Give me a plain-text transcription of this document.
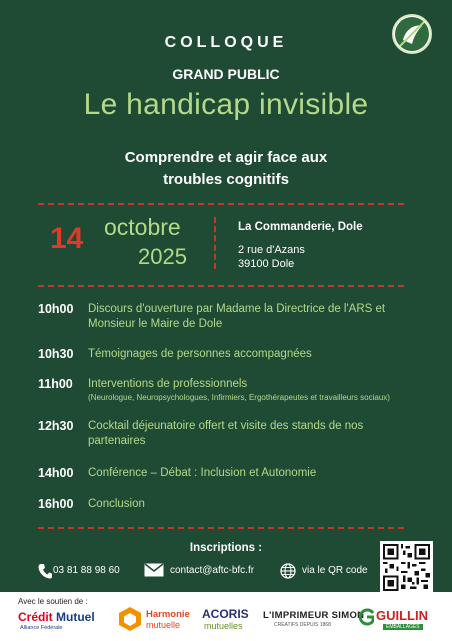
COLLOQUE
GRAND PUBLIC
Le handicap invisible
Comprendre et agir face aux
troubles cognitifs
14 octobre
2025
La Commanderie, Dole
2 rue d'Azans
39100 Dole
10h00	Discours d'ouverture par Madame la Directrice de l'ARS et Monsieur le Maire de Dole
10h30	Témoignages de personnes accompagnées
11h00	Interventions de professionnels
(Neurologue, Neuropsychologues, Infirmiers, Ergothérapeutes et travailleurs sociaux)
12h30	Cocktail déjeunatoire offert et visite des stands de nos partenaires
14h00	Conférence – Débat : Inclusion et Autonomie
16h00	Conclusion
Inscriptions :
03 81 88 98 60	contact@aftc-bfc.fr	via le QR code
Avec le soutien de :
Crédit Mutuel
Alliance Fédérale
Harmonie
mutuelle
ACORIS
mutuelles
L'IMPRIMEUR SIMON
CRÉATIFS DEPUIS 1868
GUILLIN
EMBALLAGES
